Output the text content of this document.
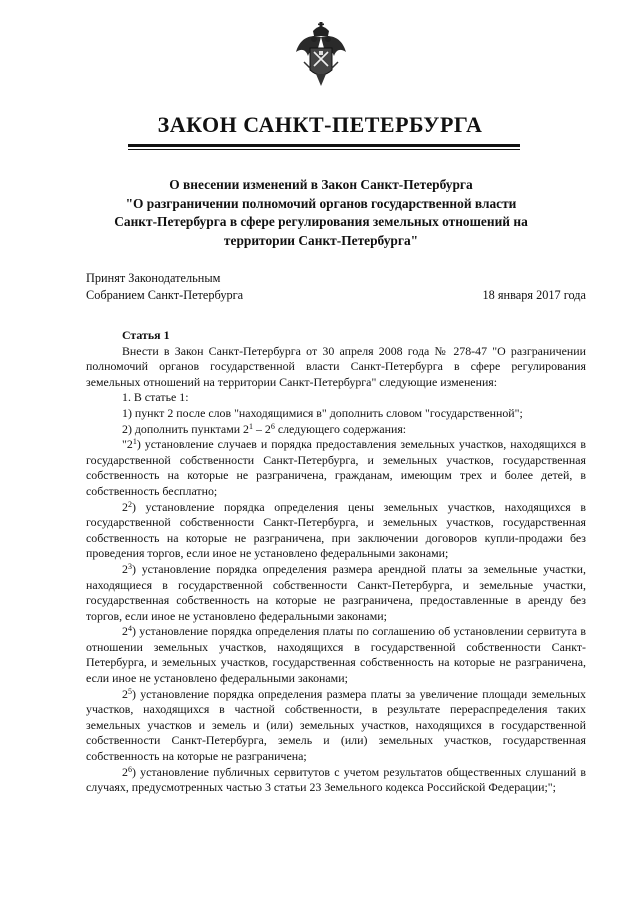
ЗАКОН САНКТ-ПЕТЕРБУРГА
О внесении изменений в Закон Санкт-Петербурга
"О разграничении полномочий органов государственной власти
Санкт-Петербурга в сфере регулирования земельных отношений на
территории Санкт-Петербурга"
Принят Законодательным
Собранием Санкт-Петербурга	18 января 2017 года

Статья 1

Внести в Закон Санкт-Петербурга от 30 апреля 2008 года № 278-47 "О разграничении полномочий органов государственной власти Санкт-Петербурга в сфере регулирования земельных отношений на территории Санкт-Петербурга" следующие изменения:

1. В статье 1:

1) пункт 2 после слов "находящимися в" дополнить словом "государственной";

2) дополнить пунктами $2^1 - 2^6$ следующего содержания:

"$2^1$) установление случаев и порядка предоставления земельных участков, находящихся в государственной собственности Санкт-Петербурга, и земельных участков, государственная собственность на которые не разграничена, гражданам, имеющим трех и более детей, в собственность бесплатно;

$2^2$) установление порядка определения цены земельных участков, находящихся в государственной собственности Санкт-Петербурга, и земельных участков, государственная собственность на которые не разграничена, при заключении договоров купли-продажи без проведения торгов, если иное не установлено федеральными законами;

$2^3$) установление порядка определения размера арендной платы за земельные участки, находящиеся в государственной собственности Санкт-Петербурга, и земельные участки, государственная собственность на которые не разграничена, предоставленные в аренду без торгов, если иное не установлено федеральными законами;

$2^4$) установление порядка определения платы по соглашению об установлении сервитута в отношении земельных участков, находящихся в государственной собственности Санкт-Петербурга, и земельных участков, государственная собственность на которые не разграничена, если иное не установлено федеральными законами;

$2^5$) установление порядка определения размера платы за увеличение площади земельных участков, находящихся в частной собственности, в результате перераспределения таких земельных участков и земель и (или) земельных участков, находящихся в государственной собственности Санкт-Петербурга, земель и (или) земельных участков, государственная собственность на которые не разграничена;

$2^6$) установление публичных сервитутов с учетом результатов общественных слушаний в случаях, предусмотренных частью 3 статьи 23 Земельного кодекса Российской Федерации;";
